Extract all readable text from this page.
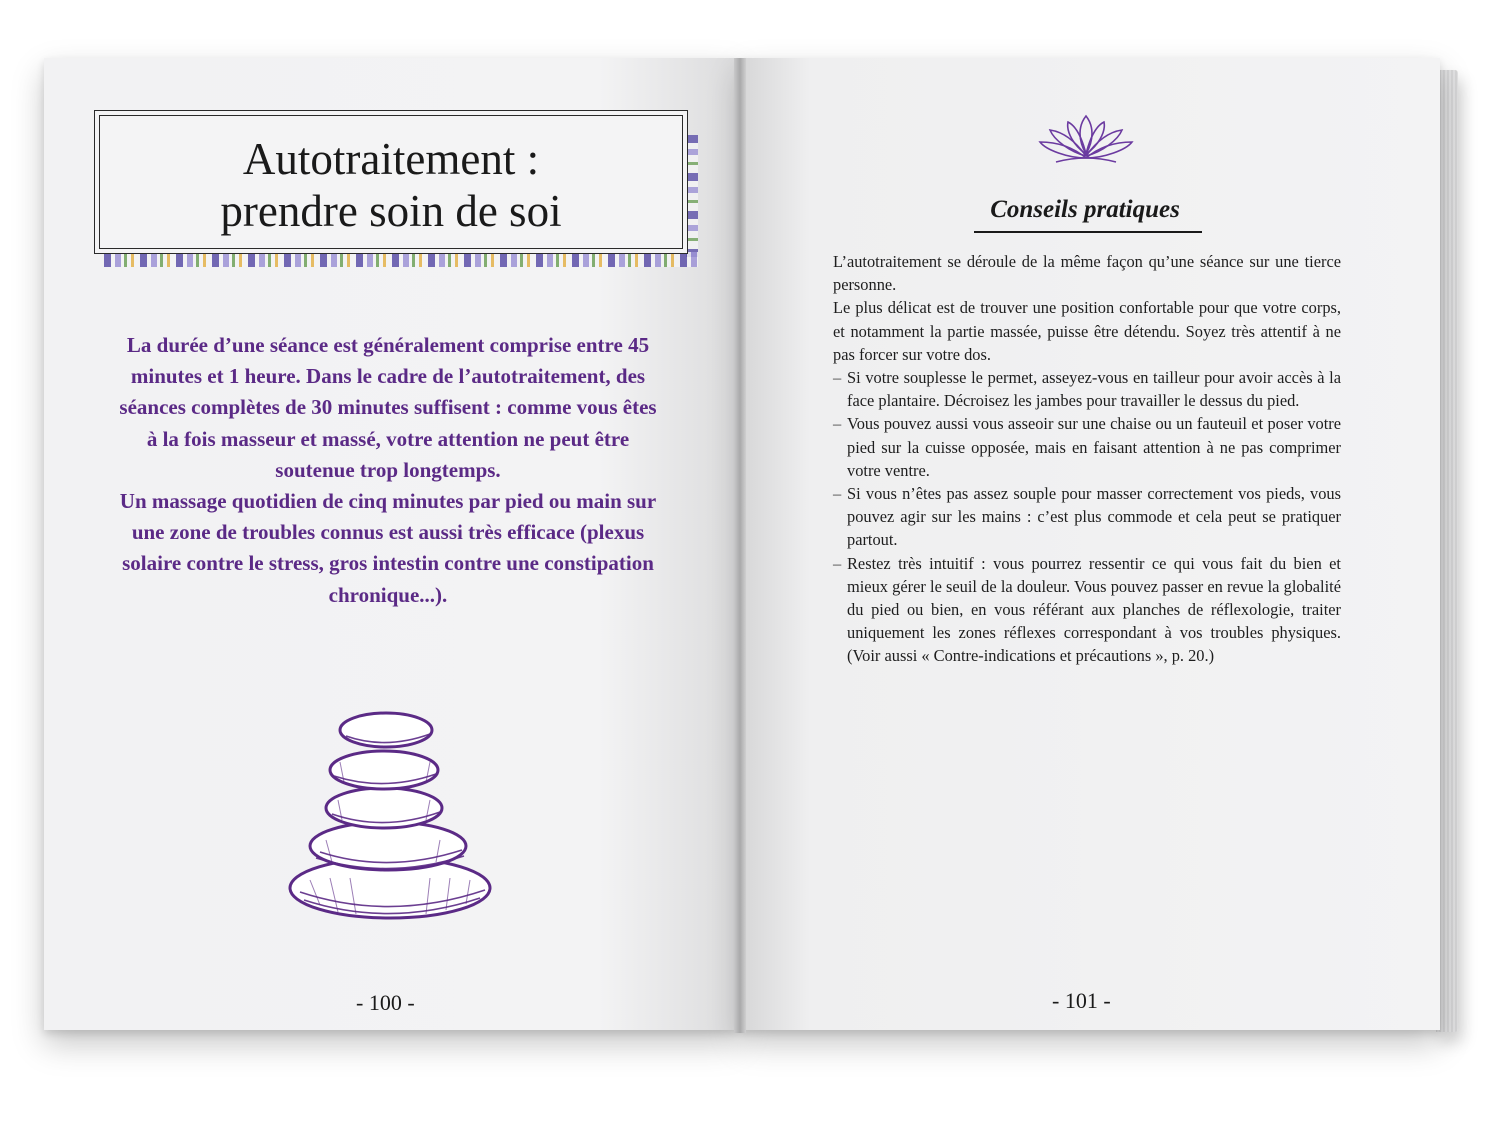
Autotraitement :
prendre soin de soi

La durée d’une séance est généralement comprise entre 45 minutes et 1 heure. Dans le cadre de l’autotraitement, des séances complètes de 30 minutes suffisent : comme vous êtes à la fois masseur et massé, votre attention ne peut être soutenue trop longtemps.

Un massage quotidien de cinq minutes par pied ou main sur une zone de troubles connus est aussi très efficace (plexus solaire contre le stress, gros intestin contre une constipation chronique...).

- 100 -
Conseils pratiques

L’autotraitement se déroule de la même façon qu’une séance sur une tierce personne.

Le plus délicat est de trouver une position confortable pour que votre corps, et notamment la partie massée, puisse être détendu. Soyez très attentif à ne pas forcer sur votre dos.

– Si votre souplesse le permet, asseyez-vous en tailleur pour avoir accès à la face plantaire. Décroisez les jambes pour travailler le dessus du pied.
– Vous pouvez aussi vous asseoir sur une chaise ou un fauteuil et poser votre pied sur la cuisse opposée, mais en faisant attention à ne pas comprimer votre ventre.
– Si vous n’êtes pas assez souple pour masser correctement vos pieds, vous pouvez agir sur les mains : c’est plus commode et cela peut se pratiquer partout.
– Restez très intuitif : vous pourrez ressentir ce qui vous fait du bien et mieux gérer le seuil de la douleur. Vous pouvez passer en revue la globalité du pied ou bien, en vous référant aux planches de réflexologie, traiter uniquement les zones réflexes correspondant à vos troubles physiques. (Voir aussi « Contre-indications et précautions », p. 20.)
- 101 -
